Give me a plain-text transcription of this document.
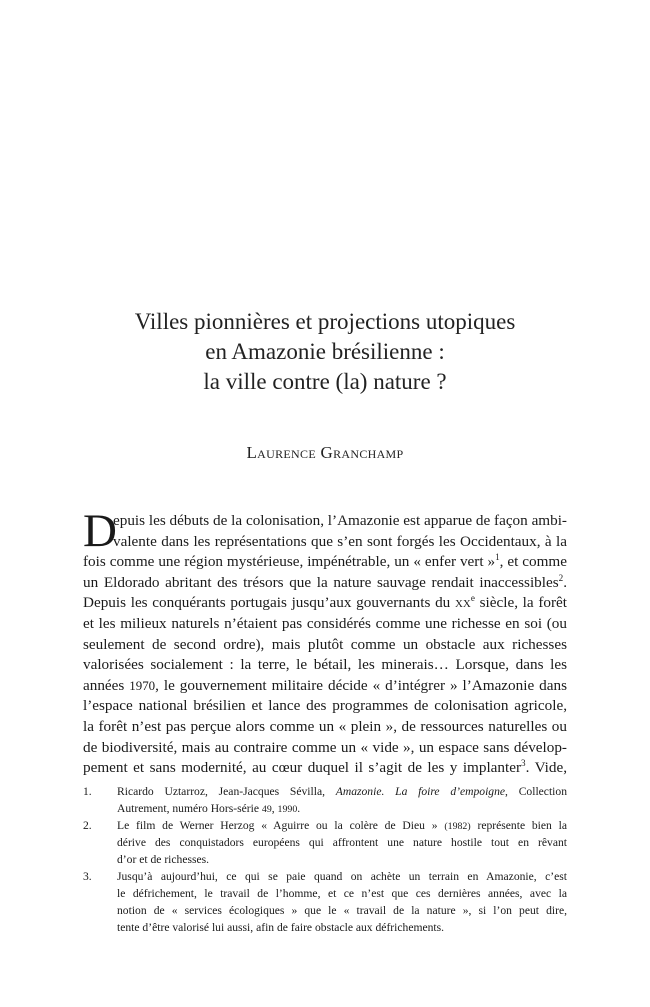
Villes pionnières et projections utopiques
en Amazonie brésilienne :
la ville contre (la) nature ?
Laurence Granchamp
D
epuis les débuts de la colonisation, l’Amazonie est apparue de façon ambi-
valente dans les représentations que s’en sont forgés les Occidentaux, à la
fois comme une région mystérieuse, impénétrable, un « enfer vert »$^1$, et comme
un Eldorado abritant des trésors que la nature sauvage rendait inaccessibles$^2$.
Depuis les conquérants portugais jusqu’aux gouvernants du $xx^e$ siècle, la forêt
et les milieux naturels n’étaient pas considérés comme une richesse en soi (ou
seulement de second ordre), mais plutôt comme un obstacle aux richesses
valorisées socialement : la terre, le bétail, les minerais… Lorsque, dans les
années 1970, le gouvernement militaire décide « d’intégrer » l’Amazonie dans
l’espace national brésilien et lance des programmes de colonisation agricole,
la forêt n’est pas perçue alors comme un « plein », de ressources naturelles ou
de biodiversité, mais au contraire comme un « vide », un espace sans dévelop-
pement et sans modernité, au cœur duquel il s’agit de les y implanter$^3$. Vide,
1. Ricardo Uztarroz, Jean-Jacques Sévilla, Amazonie. La foire d’empoigne, Collection
Autrement, numéro Hors-série 49, 1990.
2. Le film de Werner Herzog « Aguirre ou la colère de Dieu » (1982) représente bien la
dérive des conquistadors européens qui affrontent une nature hostile tout en rêvant
d’or et de richesses.
3. Jusqu’à aujourd’hui, ce qui se paie quand on achète un terrain en Amazonie, c’est
le défrichement, le travail de l’homme, et ce n’est que ces dernières années, avec la
notion de « services écologiques » que le « travail de la nature », si l’on peut dire,
tente d’être valorisé lui aussi, afin de faire obstacle aux défrichements.
